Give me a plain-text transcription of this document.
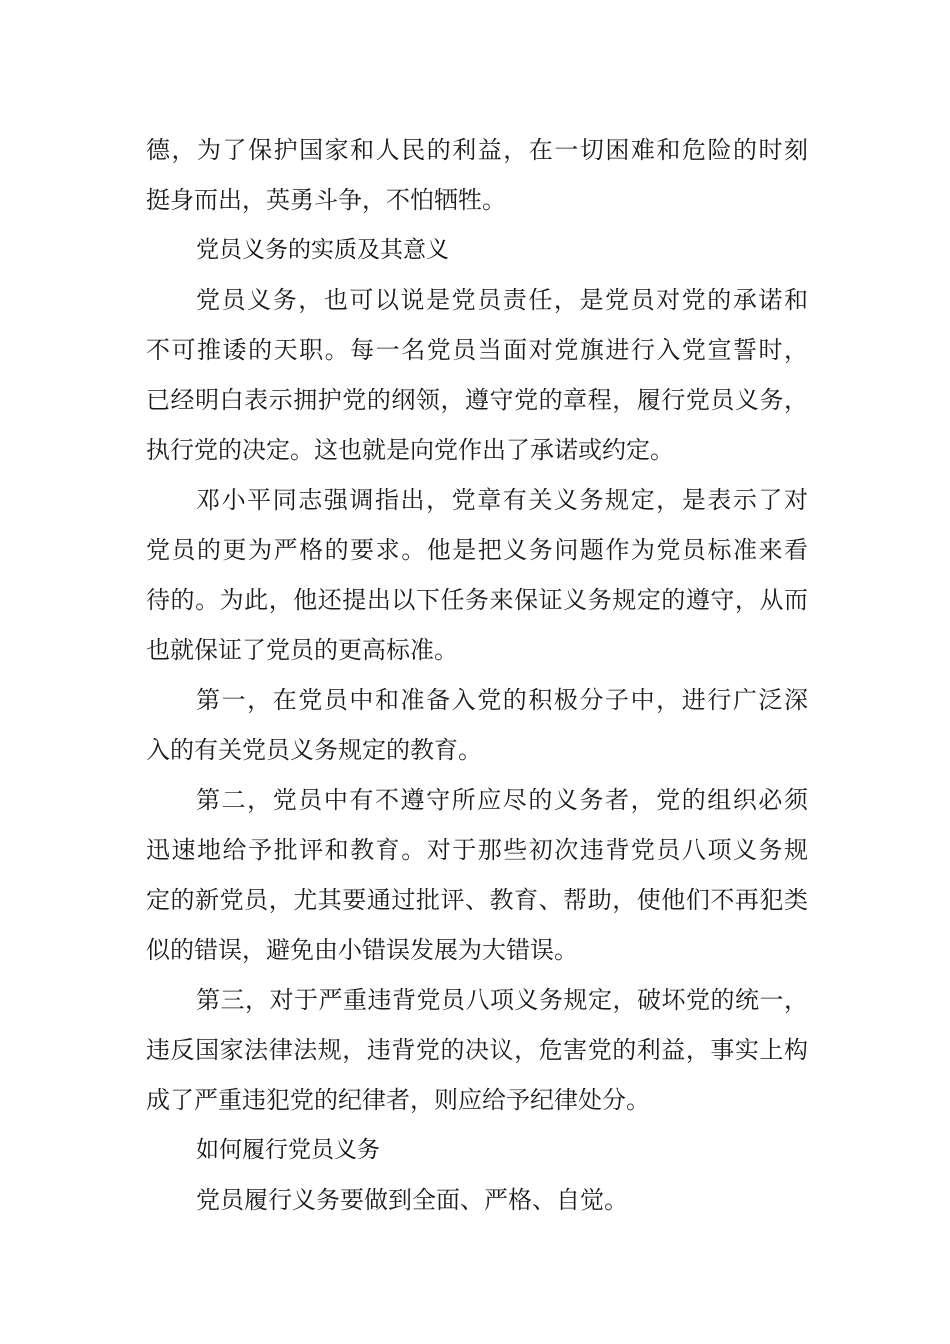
德，为了保护国家和人民的利益，在一切困难和危险的时刻
挺身而出，英勇斗争，不怕牺牲。
党员义务的实质及其意义
党员义务，也可以说是党员责任，是党员对党的承诺和
不可推诿的天职。每一名党员当面对党旗进行入党宣誓时，
已经明白表示拥护党的纲领，遵守党的章程，履行党员义务，
执行党的决定。这也就是向党作出了承诺或约定。
邓小平同志强调指出，党章有关义务规定，是表示了对
党员的更为严格的要求。他是把义务问题作为党员标准来看
待的。为此，他还提出以下任务来保证义务规定的遵守，从而
也就保证了党员的更高标准。
第一，在党员中和准备入党的积极分子中，进行广泛深
入的有关党员义务规定的教育。
第二，党员中有不遵守所应尽的义务者，党的组织必须
迅速地给予批评和教育。对于那些初次违背党员八项义务规
定的新党员，尤其要通过批评、教育、帮助，使他们不再犯类
似的错误，避免由小错误发展为大错误。
第三，对于严重违背党员八项义务规定，破坏党的统一，
违反国家法律法规，违背党的决议，危害党的利益，事实上构
成了严重违犯党的纪律者，则应给予纪律处分。
如何履行党员义务
党员履行义务要做到全面、严格、自觉。
